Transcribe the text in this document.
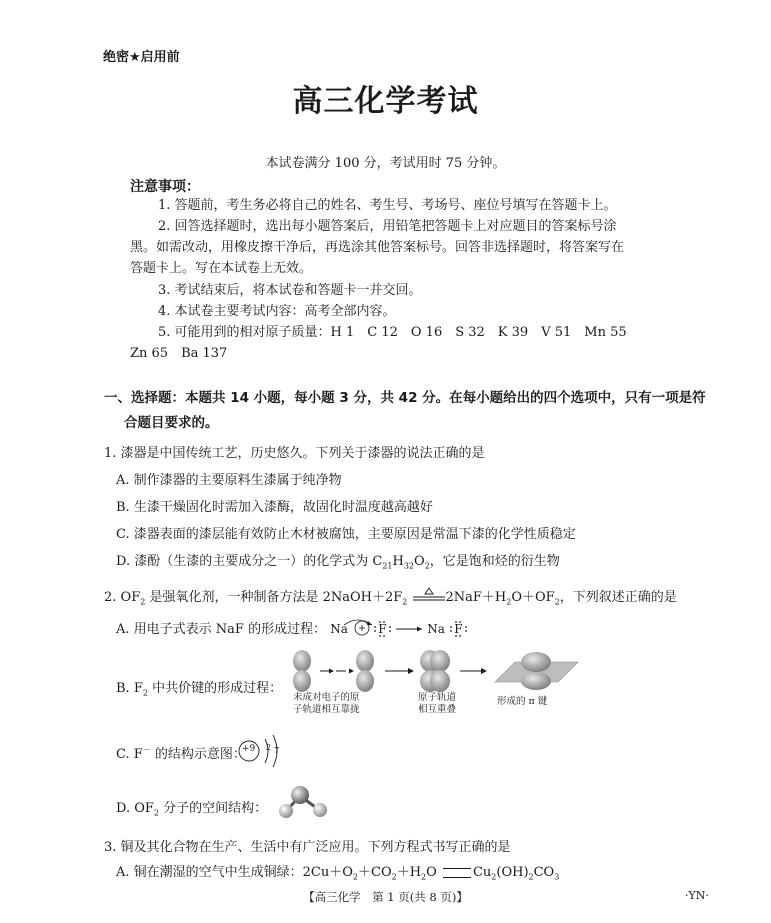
绝密★启用前
高三化学考试
本试卷满分 100 分，考试用时 75 分钟。
注意事项：
1. 答题前，考生务必将自己的姓名、考生号、考场号、座位号填写在答题卡上。
2. 回答选择题时，选出每小题答案后，用铅笔把答题卡上对应题目的答案标号涂
黑。如需改动，用橡皮擦干净后，再选涂其他答案标号。回答非选择题时，将答案写在
答题卡上。写在本试卷上无效。
3. 考试结束后，将本试卷和答题卡一并交回。
4. 本试卷主要考试内容：高考全部内容。
5. 可能用到的相对原子质量：H 1　C 12　O 16　S 32　K 39　V 51　Mn 55
Zn 65　Ba 137
一、选择题：本题共 14 小题，每小题 3 分，共 42 分。在每小题给出的四个选项中，只有一项是符
合题目要求的。
1. 漆器是中国传统工艺，历史悠久。下列关于漆器的说法正确的是
A. 制作漆器的主要原料生漆属于纯净物
B. 生漆干燥固化时需加入漆酶，故固化时温度越高越好
C. 漆器表面的漆层能有效防止木材被腐蚀，主要原因是常温下漆的化学性质稳定
D. 漆酚（生漆的主要成分之一）的化学式为 $C_{21}H_{32}O_2$，它是饱和烃的衍生物
2. $OF_2$ 是强氧化剂，一种制备方法是 $2NaOH+2F_2$	$2NaF+H_2O+OF_2$，下列叙述正确的是
A. 用电子式表示 NaF 的形成过程： Na	F	Na F
B. $F_2$ 中共价键的形成过程：
未成对电子的原
子轨道相互靠拢
原子轨道
相互重叠
形成的 π 键
C. F－ 的结构示意图：
+9 2 7
D. $OF_2$ 分子的空间结构：
3. 铜及其化合物在生产、生活中有广泛应用。下列方程式书写正确的是
A. 铜在潮湿的空气中生成铜绿：$2Cu+O_2+CO_2+H_2O$	$Cu_2(OH)_2CO_3$
【高三化学　第 1 页(共 8 页)】	·YN·
